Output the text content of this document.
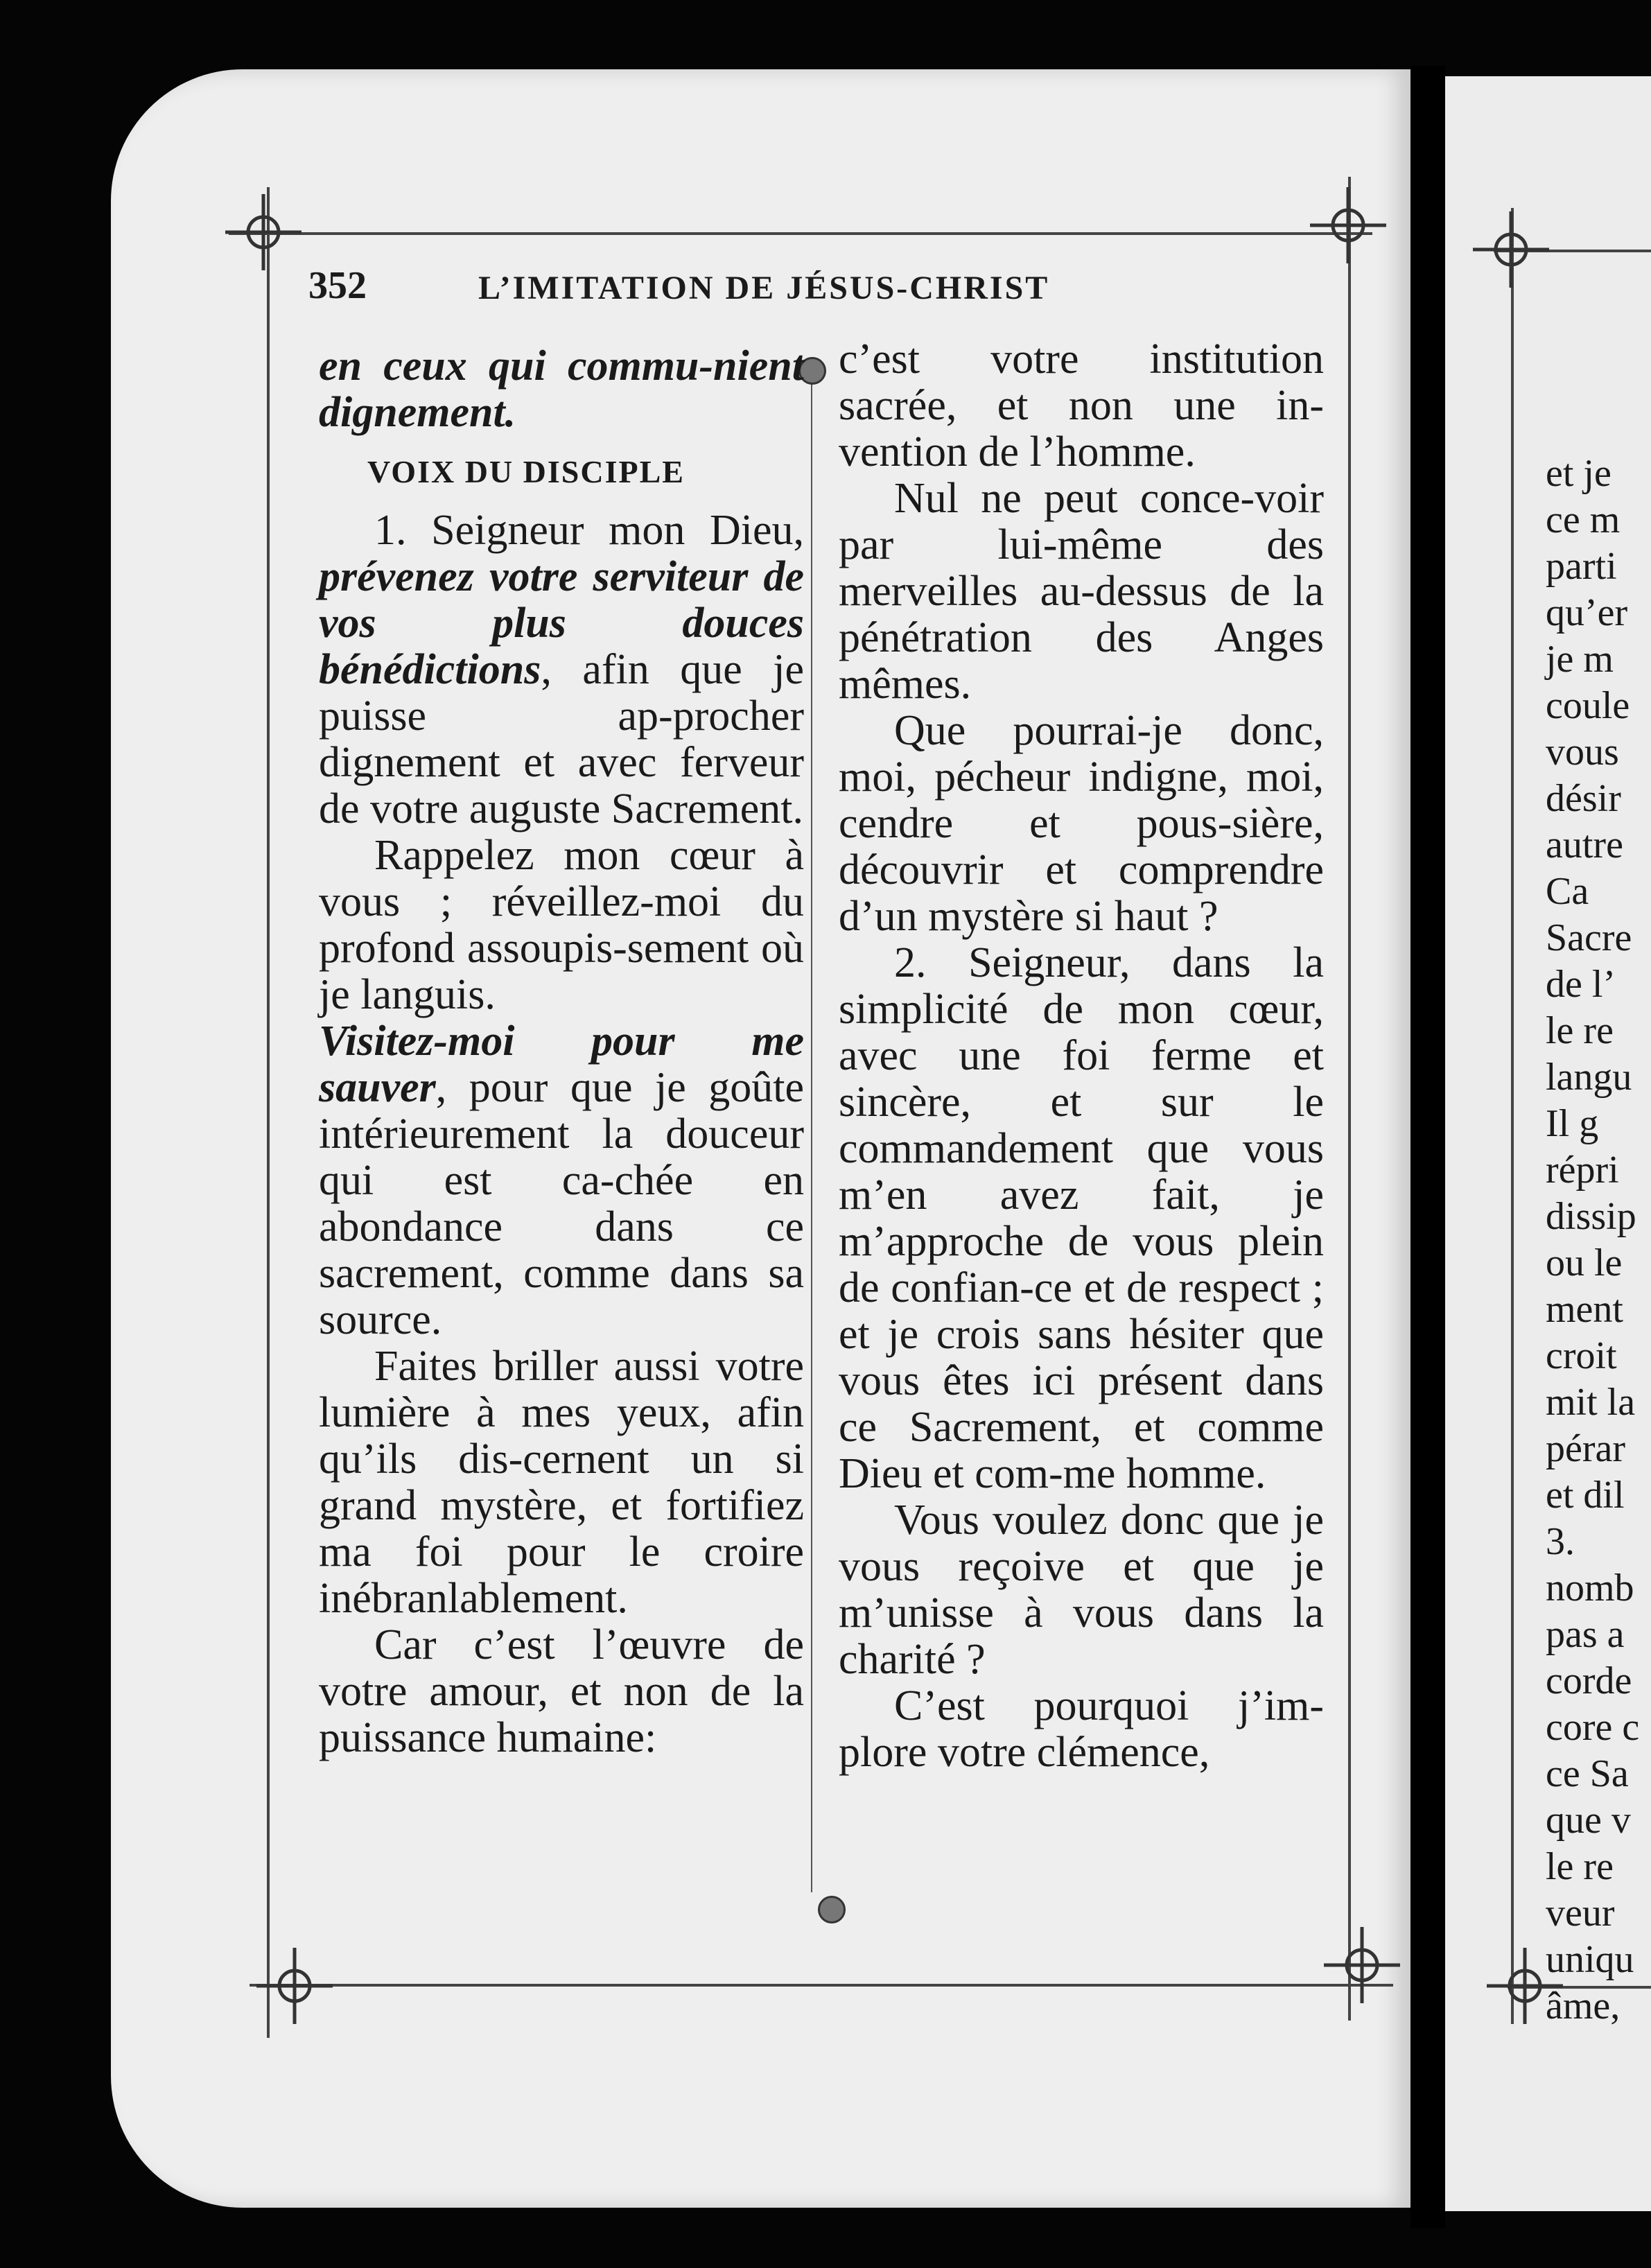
352	L’IMITATION DE JÉSUS-CHRIST

en ceux qui commu-nient dignement.

VOIX DU DISCIPLE

1. Seigneur mon Dieu, prévenez votre serviteur de vos plus douces bénédictions, afin que je puisse ap-procher dignement et avec ferveur de votre auguste Sacrement.

Rappelez mon cœur à vous ; réveillez-moi du profond assoupis-sement où je languis.

Visitez-moi pour me sauver, pour que je goûte intérieurement la douceur qui est ca-chée en abondance dans ce sacrement, comme dans sa source.

Faites briller aussi votre lumière à mes yeux, afin qu’ils dis-cernent un si grand mystère, et fortifiez ma foi pour le croire inébranlablement.

Car c’est l’œuvre de votre amour, et non de la puissance humaine:

c’est votre institution sacrée, et non une in-vention de l’homme.

Nul ne peut conce-voir par lui-même des merveilles au-dessus de la pénétration des Anges mêmes.

Que pourrai-je donc, moi, pécheur indigne, moi, cendre et pous-sière, découvrir et comprendre d’un mystère si haut ?

2. Seigneur, dans la simplicité de mon cœur, avec une foi ferme et sincère, et sur le commandement que vous m’en avez fait, je m’approche de vous plein de confian-ce et de respect ; et je crois sans hésiter que vous êtes ici présent dans ce Sacrement, et comme Dieu et com-me homme.

Vous voulez donc que je vous reçoive et que je m’unisse à vous dans la charité ?

C’est pourquoi j’im-plore votre clémence,

et je
ce m
parti
qu’er
je m
coule
vous
désir
autre
Ca
Sacre
de l’
le re
langu
Il g
répri
dissip
ou le
ment
croit
mit la
pérar
et dil
3.
nomb
pas a
corde
core c
ce Sa
que v
le re
veur
uniqu
âme,
